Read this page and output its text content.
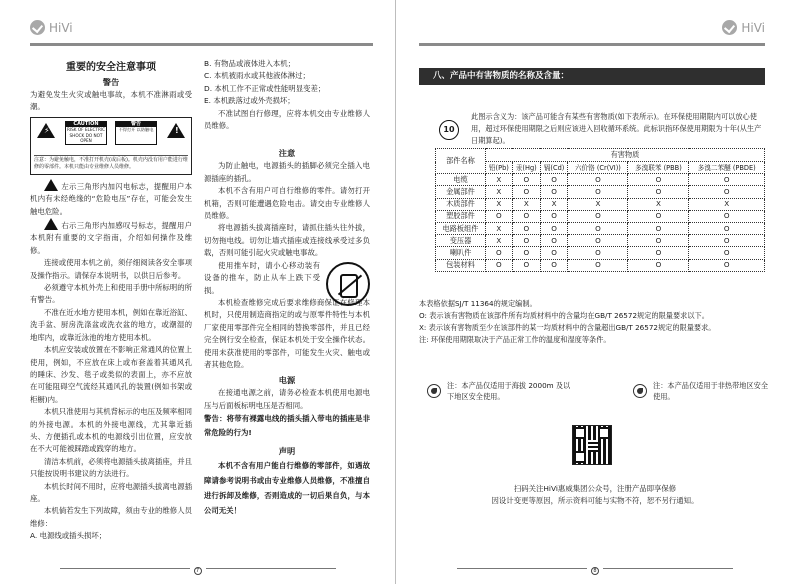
HiVi
重要的安全注意事项
警告

为避免发生火灾或触电事故，本机不准淋雨或受潮。

⚡
CAUTION
RISK OF ELECTRIC SHOCK DO NOT OPEN
警告
不得打开 以防触电	!
注意：为避免触电，不准打开机壳(或后板)。机壳内没有用户能进行维修的零部件。本机只能由专业维修人员维修。

左示三角形内加闪电标志，提醒用户本机内有未经绝缘的“危险电压”存在，可能会发生触电危险。

右示三角形内加感叹号标志，提醒用户本机附有重要的文字指南，介绍如何操作及维修。

连接或使用本机之前，须仔细阅读各安全事项及操作指示。请保存本说明书，以供日后参考。

必须遵守本机外壳上和使用手册中所标明的所有警告。

不准在近水地方使用本机，例如在靠近浴缸、洗手盆、厨房洗涤盆或洗衣盆的地方，或潮湿的地库内，或靠近泳池的地方使用本机。

本机应安装或放置在不影响正常通风的位置上使用，例如，不应放在床上或布套盖着其通风孔的睡床、沙发、毯子或类似的表面上，亦不应放在可能阻碍空气流经其通风孔的装置(例如书架或柜橱)内。

本机只准使用与其机背标示的电压及频率相同的外接电源。本机的外接电源线，尤其靠近插头、方便插孔或本机的电源线引出位置，应安放在不大可能被踩踏或践穿的地方。

清洁本机前，必须将电源插头拔离插座，并且只能按说明书建议的方法进行。

本机长时间不用时，应将电源插头拔离电源插座。

本机倘若发生下列故障，须由专业的维修人员维修：

A. 电源线或插头损坏；

B. 有物品或液体进入本机；

C. 本机被雨水或其他液体淋过；

D. 本机工作不正常或性能明显变差；

E. 本机跌落过或外壳损坏；

不准试图自行修理，应将本机交由专业维修人员维修。

注意

为防止触电，电源插头的插脚必须完全插入电源插座的插孔。

本机不含有用户可自行维修的零件。请勿打开机箱，否则可能遭遇危险电击。请交由专业维修人员维修。

将电源插头拔离插座时，请抓住插头往外拔，切勿拖电线。切勿让墙式插座或连接线承受过多负载，否则可能引起火灾或触电事故。

使用推车时，请小心移动装有设备的推车，防止从车上跌下受损。

本机检查维修完成后要求维修商保证在修理本机时，只使用制造商指定的或与原零件特性与本机厂家使用零部件完全相同的替换零部件，并且已经完全例行安全检查，保证本机处于安全操作状态。使用未获准使用的零部件，可能发生火灾、触电或者其他危险。

电源

在接通电源之前，请务必检查本机使用电源电压与后面板标明电压是否相同。

警告：将带有裸露电线的插头插入带电的插座是非常危险的行为!

声明

本机不含有用户能自行维修的零部件，如遇故障请参考说明书或由专业维修人员维修，不准擅自进行拆卸及维修，否则造成的一切后果自负，与本公司无关！

7
HiVi
八、产品中有害物质的名称及含量：
10

此图示含义为：该产品可能含有某些有害物质(如下表所示)。在环保使用期限内可以放心使用，超过环保使用期限之后则应该进入回收循环系统。此标识指环保使用期限为十年(从生产日期算起)。

部件名称	有害物质					
	铅(Pb)	汞(Hg)	镉(Cd)	六价铬 (Cr(VI))	多溴联苯 (PBB)	多溴二苯醚 (PBDE)
电缆	X	O	O	O	O	O
金属部件	X	O	O	O	O	O
木质部件	X	X	X	X	X	X
塑胶部件	O	O	O	O	O	O
电路板组件	X	O	O	O	O	O
变压器	X	O	O	O	O	O
喇叭件	O	O	O	O	O	O
包装材料	O	O	O	O	O	O

本表格依据SJ/T 11364的规定编制。

O: 表示该有害物质在该部件所有均质材料中的含量均在GB/T 26572规定的限量要求以下。

X: 表示该有害物质至少在该部件的某一均质材料中的含量超出GB/T 26572规定的限量要求。

注: 环保使用期限取决于产品正常工作的温度和湿度等条件。

注：本产品仅适用于海拔 2000m 及以下地区安全使用。
注：本产品仅适用于非热带地区安全使用。

扫码关注HiVi惠威集团公众号，注册产品即享保修

因设计变更等原因，所示资料可能与实物不符，恕不另行通知。

8
